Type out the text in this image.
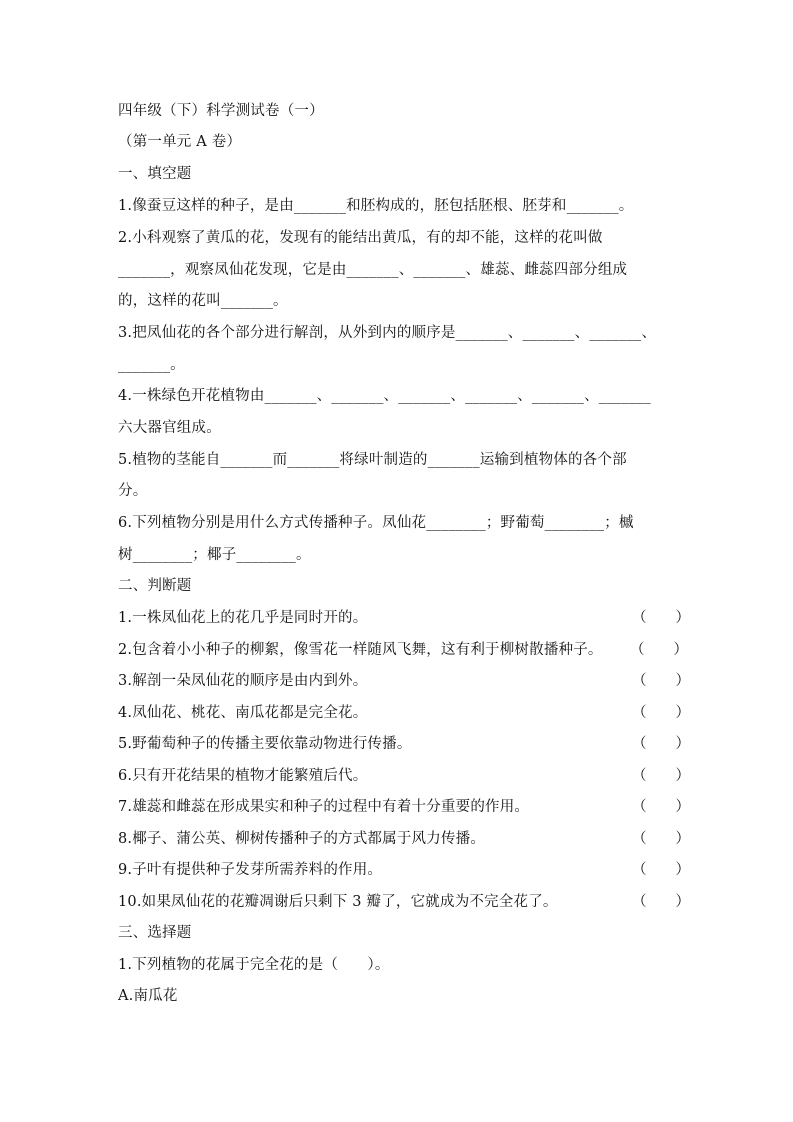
四年级（下）科学测试卷（一）
（第一单元 A 卷）
一、填空题
1.像蚕豆这样的种子，是由_______和胚构成的，胚包括胚根、胚芽和_______。
2.小科观察了黄瓜的花，发现有的能结出黄瓜，有的却不能，这样的花叫做
_______，观察凤仙花发现，它是由_______、_______、雄蕊、雌蕊四部分组成
的，这样的花叫_______。
3.把凤仙花的各个部分进行解剖，从外到内的顺序是_______、_______、_______、
_______。
4.一株绿色开花植物由_______、_______、_______、_______、_______、_______
六大器官组成。
5.植物的茎能自_______而_______将绿叶制造的_______运输到植物体的各个部
分。
6.下列植物分别是用什么方式传播种子。凤仙花________；野葡萄________；槭
树________；椰子________。
二、判断题
1.一株凤仙花上的花几乎是同时开的。	（　　）
2.包含着小小种子的柳絮，像雪花一样随风飞舞，这有利于柳树散播种子。 （　　）
3.解剖一朵凤仙花的顺序是由内到外。	（　　）
4.凤仙花、桃花、南瓜花都是完全花。	（　　）
5.野葡萄种子的传播主要依靠动物进行传播。	（　　）
6.只有开花结果的植物才能繁殖后代。	（　　）
7.雄蕊和雌蕊在形成果实和种子的过程中有着十分重要的作用。	（　　）
8.椰子、蒲公英、柳树传播种子的方式都属于风力传播。	（　　）
9.子叶有提供种子发芽所需养料的作用。	（　　）
10.如果凤仙花的花瓣凋谢后只剩下 3 瓣了，它就成为不完全花了。	（　　）
三、选择题
1.下列植物的花属于完全花的是（　　）。
A.南瓜花
